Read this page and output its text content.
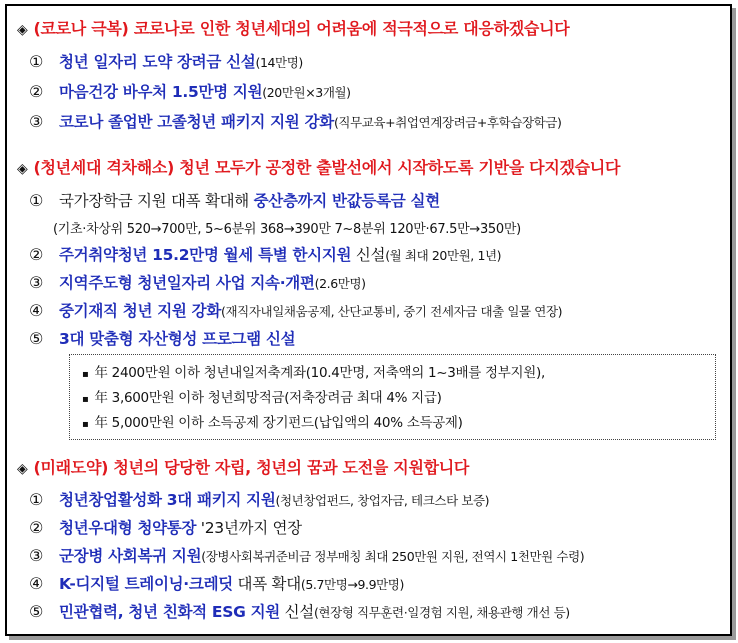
◈ (코로나 극복) 코로나로 인한 청년세대의 어려움에 적극적으로 대응하겠습니다
① 청년 일자리 도약 장려금 신설(14만명)
② 마음건강 바우처 1.5만명 지원(20만원×3개월)
③ 코로나 졸업반 고졸청년 패키지 지원 강화(직무교육+취업연계장려금+후학습장학금)
◈ (청년세대 격차해소) 청년 모두가 공정한 출발선에서 시작하도록 기반을 다지겠습니다
① 국가장학금 지원 대폭 확대해 중산층까지 반값등록금 실현
(기초·차상위 520→700만, 5~6분위 368→390만 7~8분위 120만·67.5만→350만)
② 주거취약청년 15.2만명 월세 특별 한시지원 신설(월 최대 20만원, 1년)
③ 지역주도형 청년일자리 사업 지속·개편(2.6만명)
④ 중기재직 청년 지원 강화(재직자내일채움공제, 산단교통비, 중기 전세자금 대출 일몰 연장)
⑤ 3대 맞춤형 자산형성 프로그램 신설
▪ 年 2400만원 이하 청년내일저축계좌(10.4만명, 저축액의 1~3배를 정부지원),
▪ 年 3,600만원 이하 청년희망적금(저축장려금 최대 4% 지급)
▪ 年 5,000만원 이하 소득공제 장기펀드(납입액의 40% 소득공제)
◈ (미래도약) 청년의 당당한 자립, 청년의 꿈과 도전을 지원합니다
① 청년창업활성화 3대 패키지 지원(청년창업펀드, 창업자금, 테크스타 보증)
② 청년우대형 청약통장 '23년까지 연장
③ 군장병 사회복귀 지원(장병사회복귀준비금 정부매칭 최대 250만원 지원, 전역시 1천만원 수령)
④ K-디지털 트레이닝·크레딧 대폭 확대(5.7만명→9.9만명)
⑤ 민관협력, 청년 친화적 ESG 지원 신설(현장형 직무훈련·일경험 지원, 채용관행 개선 등)
